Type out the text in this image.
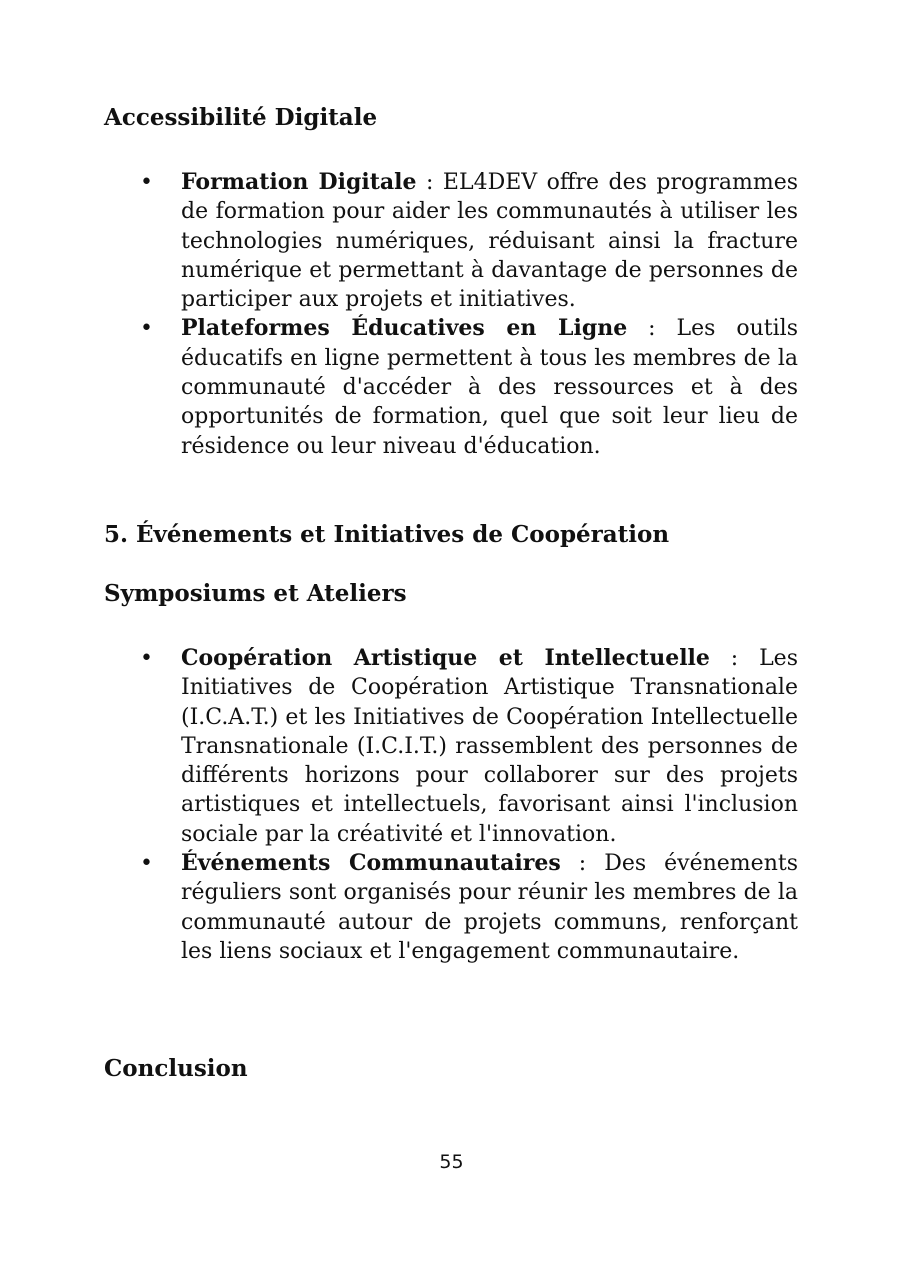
Accessibilité Digitale
• Formation Digitale : EL4DEV offre des programmes de formation pour aider les communautés à utiliser les technologies numériques, réduisant ainsi la fracture numérique et permettant à davantage de personnes de participer aux projets et initiatives.
• Plateformes Éducatives en Ligne : Les outils éducatifs en ligne permettent à tous les membres de la communauté d'accéder à des ressources et à des opportunités de formation, quel que soit leur lieu de résidence ou leur niveau d'éducation.
5. Événements et Initiatives de Coopération
Symposiums et Ateliers
• Coopération Artistique et Intellectuelle : Les Initiatives de Coopération Artistique Transnationale (I.C.A.T.) et les Initiatives de Coopération Intellectuelle Transnationale (I.C.I.T.) rassemblent des personnes de différents horizons pour collaborer sur des projets artistiques et intellectuels, favorisant ainsi l'inclusion sociale par la créativité et l'innovation.
• Événements Communautaires : Des événements réguliers sont organisés pour réunir les membres de la communauté autour de projets communs, renforçant les liens sociaux et l'engagement communautaire.
Conclusion
55
